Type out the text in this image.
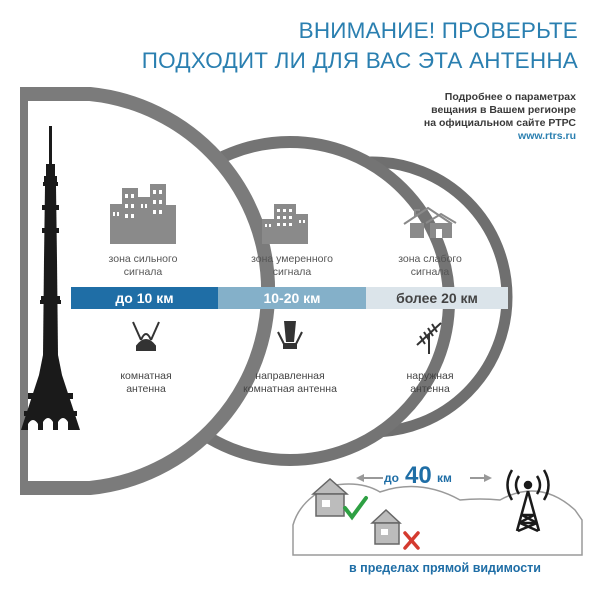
ВНИМАНИЕ! ПРОВЕРЬТЕ
ПОДХОДИТ ЛИ ДЛЯ ВАС ЭТА АНТЕННА
Подробнее о параметрах
вещания в Вашем регионре
на официальном сайте РТРС
www.rtrs.ru
зона сильного
сигнала
зона умеренного
сигнала
зона слабого
сигнала
до 10 км	10-20 км	более 20 км
комнатная
антенна
направленная
комнатная антенна
наружная
антенна
до 40 км
в пределах прямой видимости
